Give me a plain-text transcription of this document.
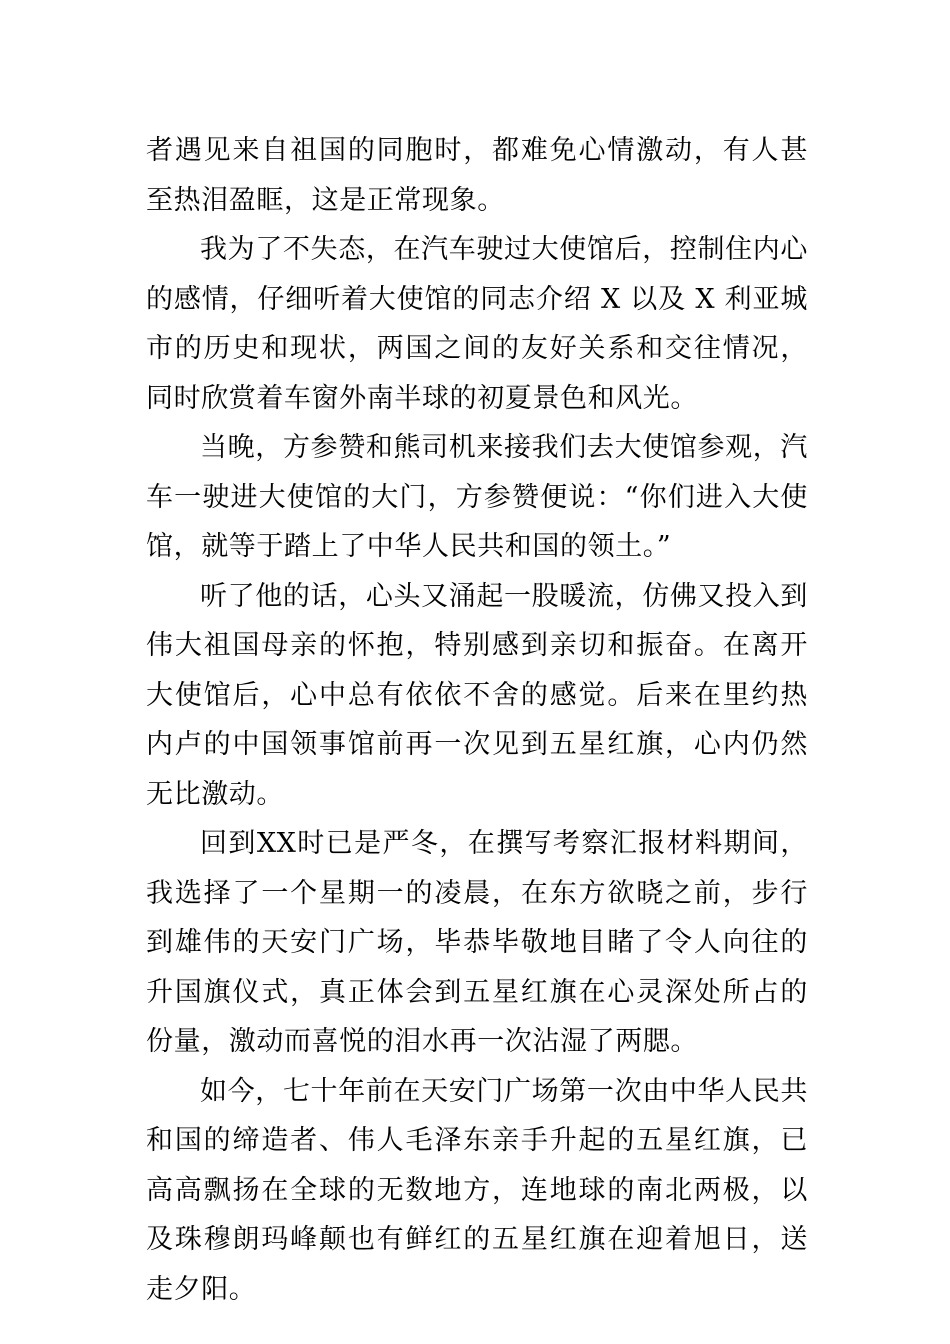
者遇见来自祖国的同胞时，都难免心情激动，有人甚至热泪盈眶，这是正常现象。

我为了不失态，在汽车驶过大使馆后，控制住内心的感情，仔细听着大使馆的同志介绍 X 以及 X 利亚城市的历史和现状，两国之间的友好关系和交往情况，同时欣赏着车窗外南半球的初夏景色和风光。

当晚，方参赞和熊司机来接我们去大使馆参观，汽车一驶进大使馆的大门，方参赞便说：“你们进入大使馆，就等于踏上了中华人民共和国的领土。”

听了他的话，心头又涌起一股暖流，仿佛又投入到伟大祖国母亲的怀抱，特别感到亲切和振奋。在离开大使馆后，心中总有依依不舍的感觉。后来在里约热内卢的中国领事馆前再一次见到五星红旗，心内仍然无比激动。

回到XX时已是严冬，在撰写考察汇报材料期间，我选择了一个星期一的凌晨，在东方欲晓之前，步行到雄伟的天安门广场，毕恭毕敬地目睹了令人向往的升国旗仪式，真正体会到五星红旗在心灵深处所占的份量，激动而喜悦的泪水再一次沾湿了两腮。

如今，七十年前在天安门广场第一次由中华人民共和国的缔造者、伟人毛泽东亲手升起的五星红旗，已高高飘扬在全球的无数地方，连地球的南北两极，以及珠穆朗玛峰颠也有鲜红的五星红旗在迎着旭日，送走夕阳。
